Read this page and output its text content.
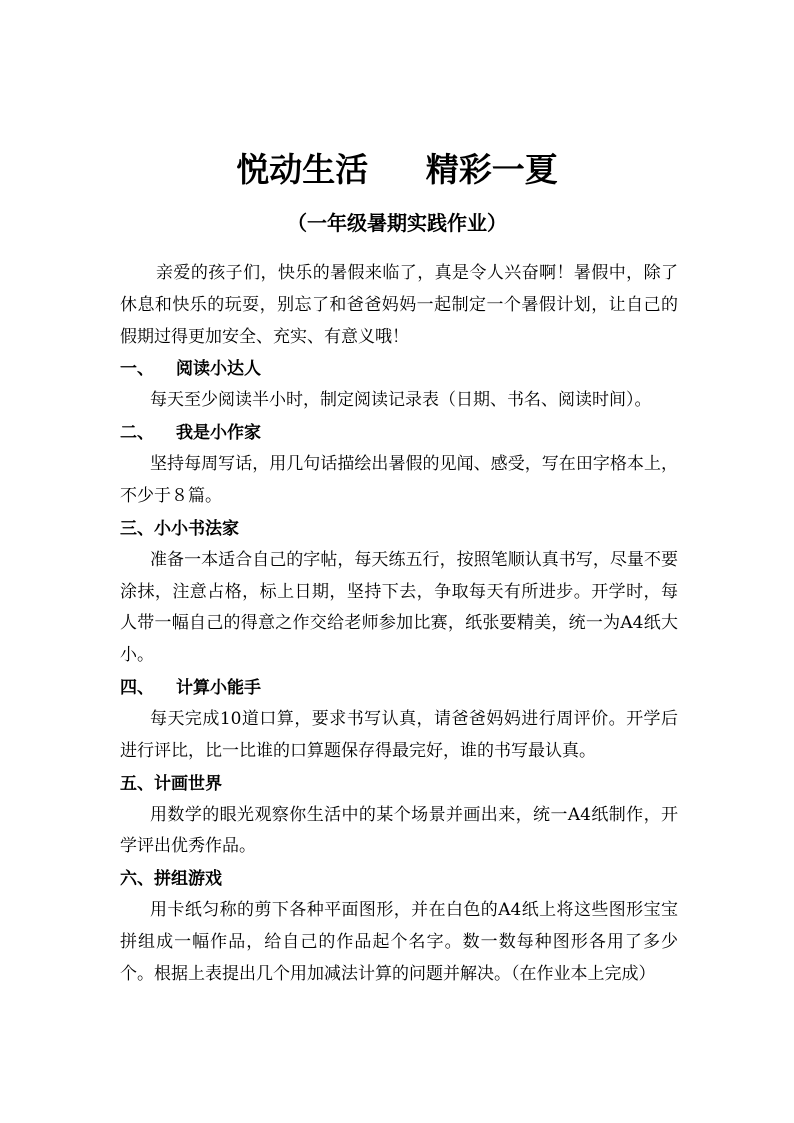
悦动生活     精彩一夏
（一年级暑期实践作业）

亲爱的孩子们，快乐的暑假来临了，真是令人兴奋啊！暑假中，除了休息和快乐的玩耍，别忘了和爸爸妈妈一起制定一个暑假计划，让自己的假期过得更加安全、充实、有意义哦！

一、 阅读小达人

每天至少阅读半小时，制定阅读记录表（日期、书名、阅读时间）。

二、 我是小作家

坚持每周写话，用几句话描绘出暑假的见闻、感受，写在田字格本上，不少于８篇。

三、小小书法家

准备一本适合自己的字帖，每天练五行，按照笔顺认真书写，尽量不要涂抹，注意占格，标上日期，坚持下去，争取每天有所进步。开学时，每人带一幅自己的得意之作交给老师参加比赛，纸张要精美，统一为A4纸大小。

四、 计算小能手

每天完成10道口算，要求书写认真，请爸爸妈妈进行周评价。开学后进行评比，比一比谁的口算题保存得最完好，谁的书写最认真。

五、计画世界

用数学的眼光观察你生活中的某个场景并画出来，统一A4纸制作，开学评出优秀作品。

六、拼组游戏

用卡纸匀称的剪下各种平面图形，并在白色的A4纸上将这些图形宝宝拼组成一幅作品，给自己的作品起个名字。数一数每种图形各用了多少个。根据上表提出几个用加减法计算的问题并解决。（在作业本上完成）
